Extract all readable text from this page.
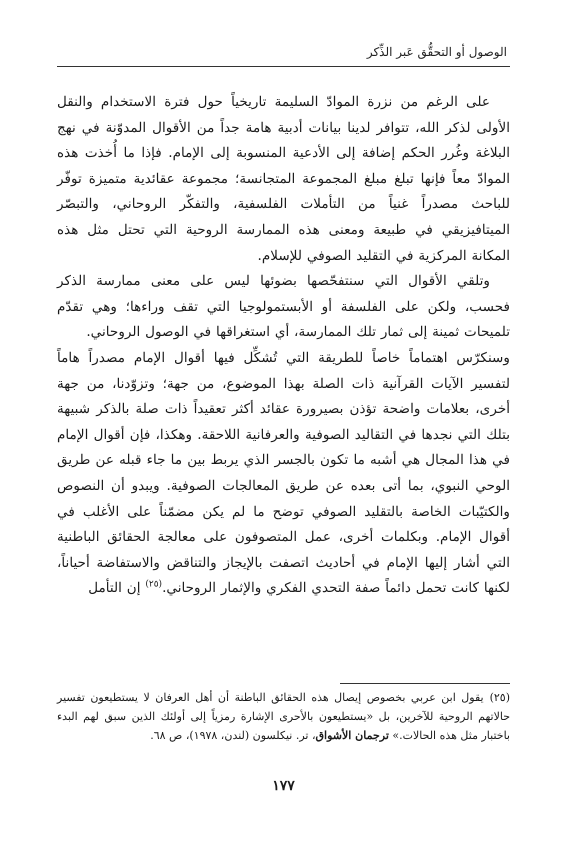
الوصول أو التحقُّق عَبر الذِّكر

على الرغم من نزرة الموادّ السليمة تاريخياً حول فترة الاستخدام والنقل الأولى لذكر الله، تتوافر لدينا بيانات أدبية هامة جداً من الأقوال المدوّنة في نهج البلاغة وغُرر الحكم إضافة إلى الأدعية المنسوبة إلى الإمام. فإذا ما أُخذت هذه الموادّ معاً فإنها تبلغ مبلغ المجموعة المتجانسة؛ مجموعة عقائدية متميزة توفّر للباحث مصدراً غنياً من التأملات الفلسفية، والتفكّر الروحاني، والتبصّر الميتافيزيقي في طبيعة ومعنى هذه الممارسة الروحية التي تحتل مثل هذه المكانة المركزية في التقليد الصوفي للإسلام.

وتلقي الأقوال التي سنتفحّصها بضوئها ليس على معنى ممارسة الذكر فحسب، ولكن على الفلسفة أو الأبستمولوجيا التي تقف وراءها؛ وهي تقدّم تلميحات ثمينة إلى ثمار تلك الممارسة، أي استغراقها في الوصول الروحاني.

وسنكرّس اهتماماً خاصاً للطريقة التي تُشكِّل فيها أقوال الإمام مصدراً هاماً لتفسير الآيات القرآنية ذات الصلة بهذا الموضوع، من جهة؛ وتزوّدنا، من جهة أخرى، بعلامات واضحة تؤذن بصيرورة عقائد أكثر تعقيداً ذات صلة بالذكر شبيهة بتلك التي نجدها في التقاليد الصوفية والعرفانية اللاحقة. وهكذا، فإن أقوال الإمام في هذا المجال هي أشبه ما تكون بالجسر الذي يربط بين ما جاء قبله عن طريق الوحي النبوي، بما أتى بعده عن طريق المعالجات الصوفية. ويبدو أن النصوص والكتيّبات الخاصة بالتقليد الصوفي توضح ما لم يكن مضمّناً على الأغلب في أقوال الإمام. وبكلمات أخرى، عمل المتصوفون على معالجة الحقائق الباطنية التي أشار إليها الإمام في أحاديث اتصفت بالإيجاز والتناقض والاستفاضة أحياناً، لكنها كانت تحمل دائماً صفة التحدي الفكري والإثمار الروحاني.$^{(٢٥)}$ إن التأمل

(٢٥)يقول ابن عربي بخصوص إيصال هذه الحقائق الباطنة أن أهل العرفان لا يستطيعون تفسير حالاتهم الروحية للآخرين، بل «يستطيعون بالأحرى الإشارة رمزياً إلى أولئك الذين سبق لهم البدء باختبار مثل هذه الحالات.» ترجمان الأشواق، تر. نيكلسون (لندن، ١٩٧٨)، ص ٦٨.
١٧٧
